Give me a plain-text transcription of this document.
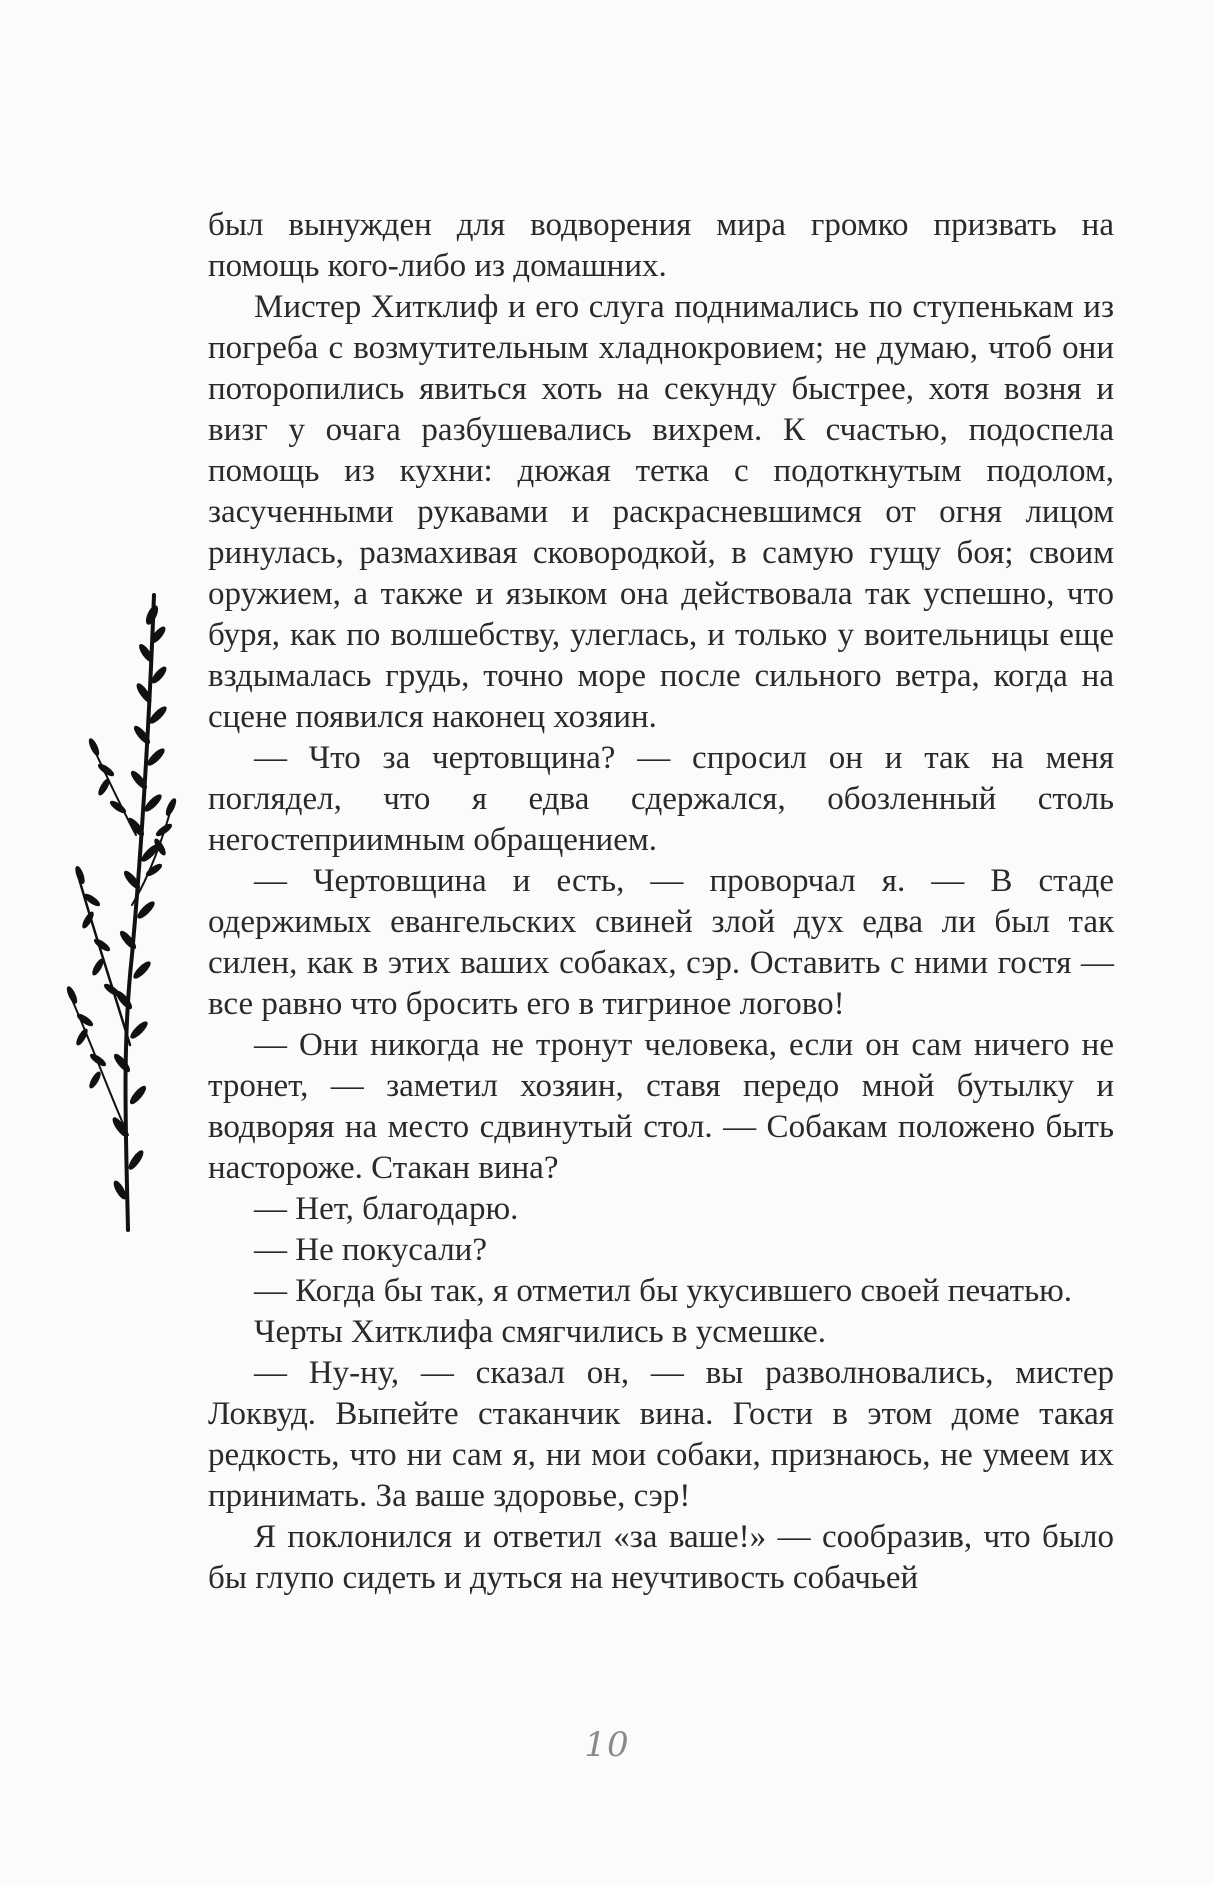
был вынужден для водворения мира громко призвать на помощь кого-либо из домашних.

Мистер Хитклиф и его слуга поднимались по ступенькам из погреба с возмутительным хладнокровием; не думаю, чтоб они поторопились явиться хоть на секунду быстрее, хотя возня и визг у очага разбушевались вихрем. К счастью, подоспела помощь из кухни: дюжая тетка с подоткнутым подолом, засученными рукавами и раскрасневшимся от огня лицом ринулась, размахивая сковородкой, в самую гущу боя; своим оружием, а также и языком она действовала так успешно, что буря, как по волшебству, улеглась, и только у воительницы еще вздымалась грудь, точно море после сильного ветра, когда на сцене появился наконец хозяин.

— Что за чертовщина? — спросил он и так на меня поглядел, что я едва сдержался, обозленный столь негостеприимным обращением.

— Чертовщина и есть, — проворчал я. — В стаде одержимых евангельских свиней злой дух едва ли был так силен, как в этих ваших собаках, сэр. Оставить с ними гостя — все равно что бросить его в тигриное логово!

— Они никогда не тронут человека, если он сам ничего не тронет, — заметил хозяин, ставя передо мной бутылку и водворяя на место сдвинутый стол. — Собакам положено быть настороже. Стакан вина?

— Нет, благодарю.

— Не покусали?

— Когда бы так, я отметил бы укусившего своей печатью.

Черты Хитклифа смягчились в усмешке.

— Ну-ну, — сказал он, — вы разволновались, мистер Локвуд. Выпейте стаканчик вина. Гости в этом доме такая редкость, что ни сам я, ни мои собаки, признаюсь, не умеем их принимать. За ваше здоровье, сэр!

Я поклонился и ответил «за ваше!» — сообразив, что было бы глупо сидеть и дуться на неучтивость собачьей

10
